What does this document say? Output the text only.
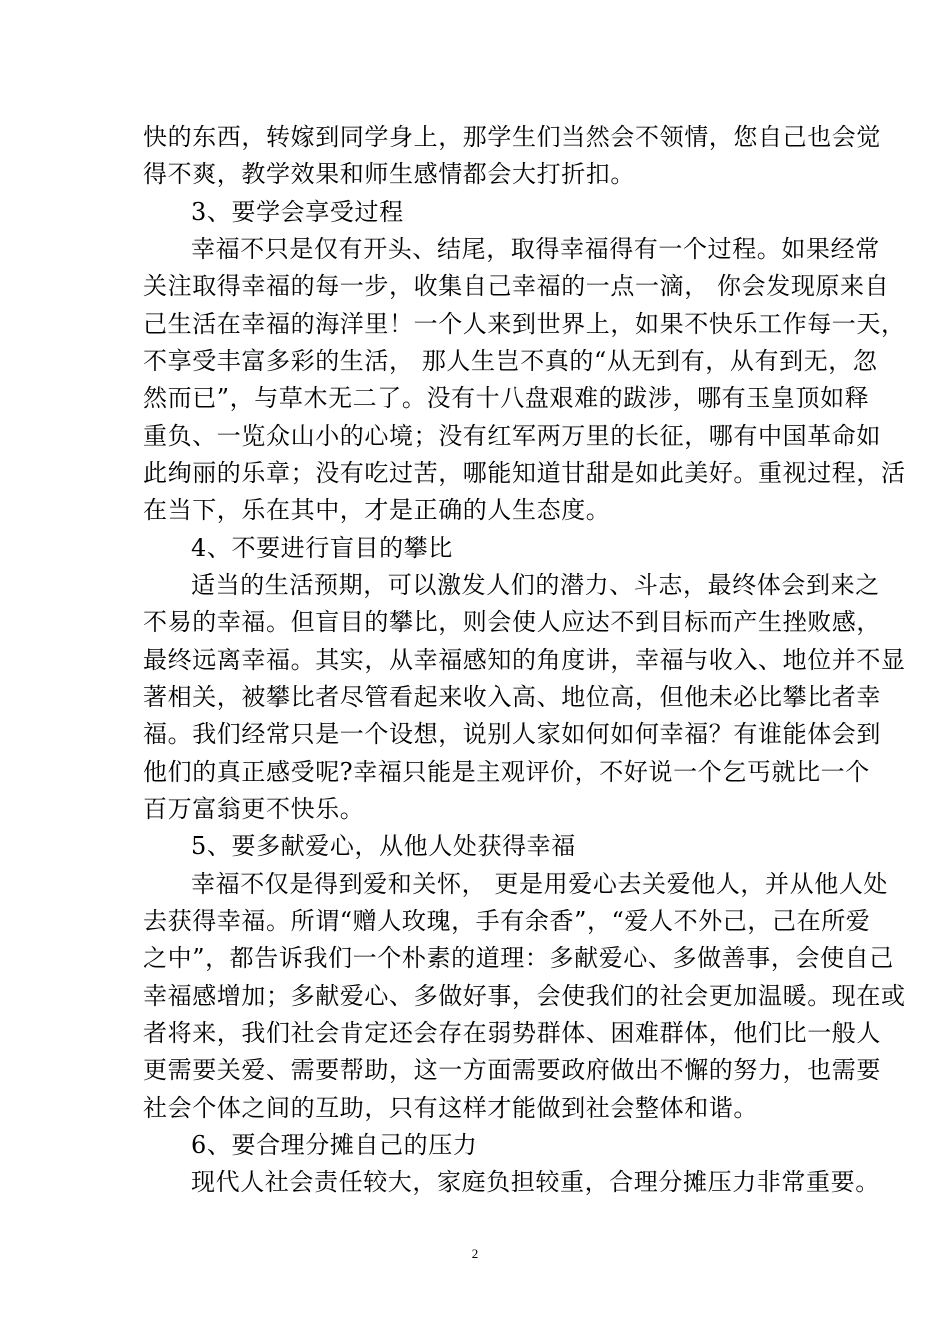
快的东西，转嫁到同学身上，那学生们当然会不领情，您自己也会觉
得不爽，教学效果和师生感情都会大打折扣。
3、要学会享受过程
幸福不只是仅有开头、结尾，取得幸福得有一个过程。如果经常
关注取得幸福的每一步，收集自己幸福的一点一滴， 你会发现原来自
己生活在幸福的海洋里！一个人来到世界上，如果不快乐工作每一天，
不享受丰富多彩的生活， 那人生岂不真的“从无到有，从有到无，忽
然而已”，与草木无二了。没有十八盘艰难的跋涉，哪有玉皇顶如释
重负、一览众山小的心境；没有红军两万里的长征，哪有中国革命如
此绚丽的乐章；没有吃过苦，哪能知道甘甜是如此美好。重视过程，活
在当下，乐在其中，才是正确的人生态度。
4、不要进行盲目的攀比
适当的生活预期，可以激发人们的潜力、斗志，最终体会到来之
不易的幸福。但盲目的攀比，则会使人应达不到目标而产生挫败感，
最终远离幸福。其实，从幸福感知的角度讲，幸福与收入、地位并不显
著相关，被攀比者尽管看起来收入高、地位高，但他未必比攀比者幸
福。我们经常只是一个设想，说别人家如何如何幸福？有谁能体会到
他们的真正感受呢?幸福只能是主观评价，不好说一个乞丐就比一个
百万富翁更不快乐。
5、要多献爱心，从他人处获得幸福
幸福不仅是得到爱和关怀， 更是用爱心去关爱他人，并从他人处
去获得幸福。所谓“赠人玫瑰，手有余香”，“爱人不外己，己在所爱
之中”，都告诉我们一个朴素的道理：多献爱心、多做善事，会使自己
幸福感增加；多献爱心、多做好事，会使我们的社会更加温暖。现在或
者将来，我们社会肯定还会存在弱势群体、困难群体，他们比一般人
更需要关爱、需要帮助，这一方面需要政府做出不懈的努力，也需要
社会个体之间的互助，只有这样才能做到社会整体和谐。
6、要合理分摊自己的压力
现代人社会责任较大，家庭负担较重，合理分摊压力非常重要。
2
